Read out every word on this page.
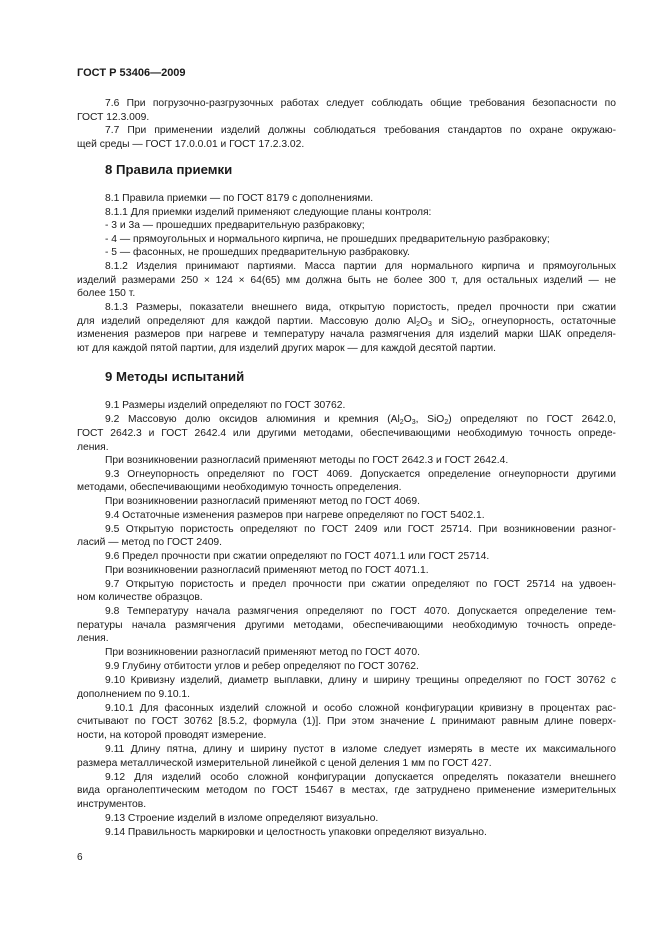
ГОСТ Р 53406—2009
7.6 При погрузочно-разгрузочных работах следует соблюдать общие требования безопасности по
ГОСТ 12.3.009.
7.7 При применении изделий должны соблюдаться требования стандартов по охране окружаю-
щей среды — ГОСТ 17.0.0.01 и ГОСТ 17.2.3.02.
8 Правила приемки
8.1 Правила приемки — по ГОСТ 8179 с дополнениями.
8.1.1 Для приемки изделий применяют следующие планы контроля:
- 3 и 3а — прошедших предварительную разбраковку;
- 4 — прямоугольных и нормального кирпича, не прошедших предварительную разбраковку;
- 5 — фасонных, не прошедших предварительную разбраковку.
8.1.2 Изделия принимают партиями. Масса партии для нормального кирпича и прямоугольных
изделий размерами 250 × 124 × 64(65) мм должна быть не более 300 т, для остальных изделий — не
более 150 т.
8.1.3 Размеры, показатели внешнего вида, открытую пористость, предел прочности при сжатии
для изделий определяют для каждой партии. Массовую долю $Al_2O_3$ и SiO$_2$, огнеупорность, остаточные
изменения размеров при нагреве и температуру начала размягчения для изделий марки ШАК определя-
ют для каждой пятой партии, для изделий других марок — для каждой десятой партии.
9 Методы испытаний
9.1 Размеры изделий определяют по ГОСТ 30762.
9.2 Массовую долю оксидов алюминия и кремния ($Al_2O_3$, SiO$_2$) определяют по ГОСТ 2642.0,
ГОСТ 2642.3 и ГОСТ 2642.4 или другими методами, обеспечивающими необходимую точность опреде-
ления.
При возникновении разногласий применяют методы по ГОСТ 2642.3 и ГОСТ 2642.4.
9.3 Огнеупорность определяют по ГОСТ 4069. Допускается определение огнеупорности другими
методами, обеспечивающими необходимую точность определения.
При возникновении разногласий применяют метод по ГОСТ 4069.
9.4 Остаточные изменения размеров при нагреве определяют по ГОСТ 5402.1.
9.5 Открытую пористость определяют по ГОСТ 2409 или ГОСТ 25714. При возникновении разног-
ласий — метод по ГОСТ 2409.
9.6 Предел прочности при сжатии определяют по ГОСТ 4071.1 или ГОСТ 25714.
При возникновении разногласий применяют метод по ГОСТ 4071.1.
9.7 Открытую пористость и предел прочности при сжатии определяют по ГОСТ 25714 на удвоен-
ном количестве образцов.
9.8 Температуру начала размягчения определяют по ГОСТ 4070. Допускается определение тем-
пературы начала размягчения другими методами, обеспечивающими необходимую точность опреде-
ления.
При возникновении разногласий применяют метод по ГОСТ 4070.
9.9 Глубину отбитости углов и ребер определяют по ГОСТ 30762.
9.10 Кривизну изделий, диаметр выплавки, длину и ширину трещины определяют по ГОСТ 30762 с
дополнением по 9.10.1.
9.10.1 Для фасонных изделий сложной и особо сложной конфигурации кривизну в процентах рас-
считывают по ГОСТ 30762 [8.5.2, формула (1)]. При этом значение L принимают равным длине поверх-
ности, на которой проводят измерение.
9.11 Длину пятна, длину и ширину пустот в изломе следует измерять в месте их максимального
размера металлической измерительной линейкой с ценой деления 1 мм по ГОСТ 427.
9.12 Для изделий особо сложной конфигурации допускается определять показатели внешнего
вида органолептическим методом по ГОСТ 15467 в местах, где затруднено применение измерительных
инструментов.
9.13 Строение изделий в изломе определяют визуально.
9.14 Правильность маркировки и целостность упаковки определяют визуально.
6
